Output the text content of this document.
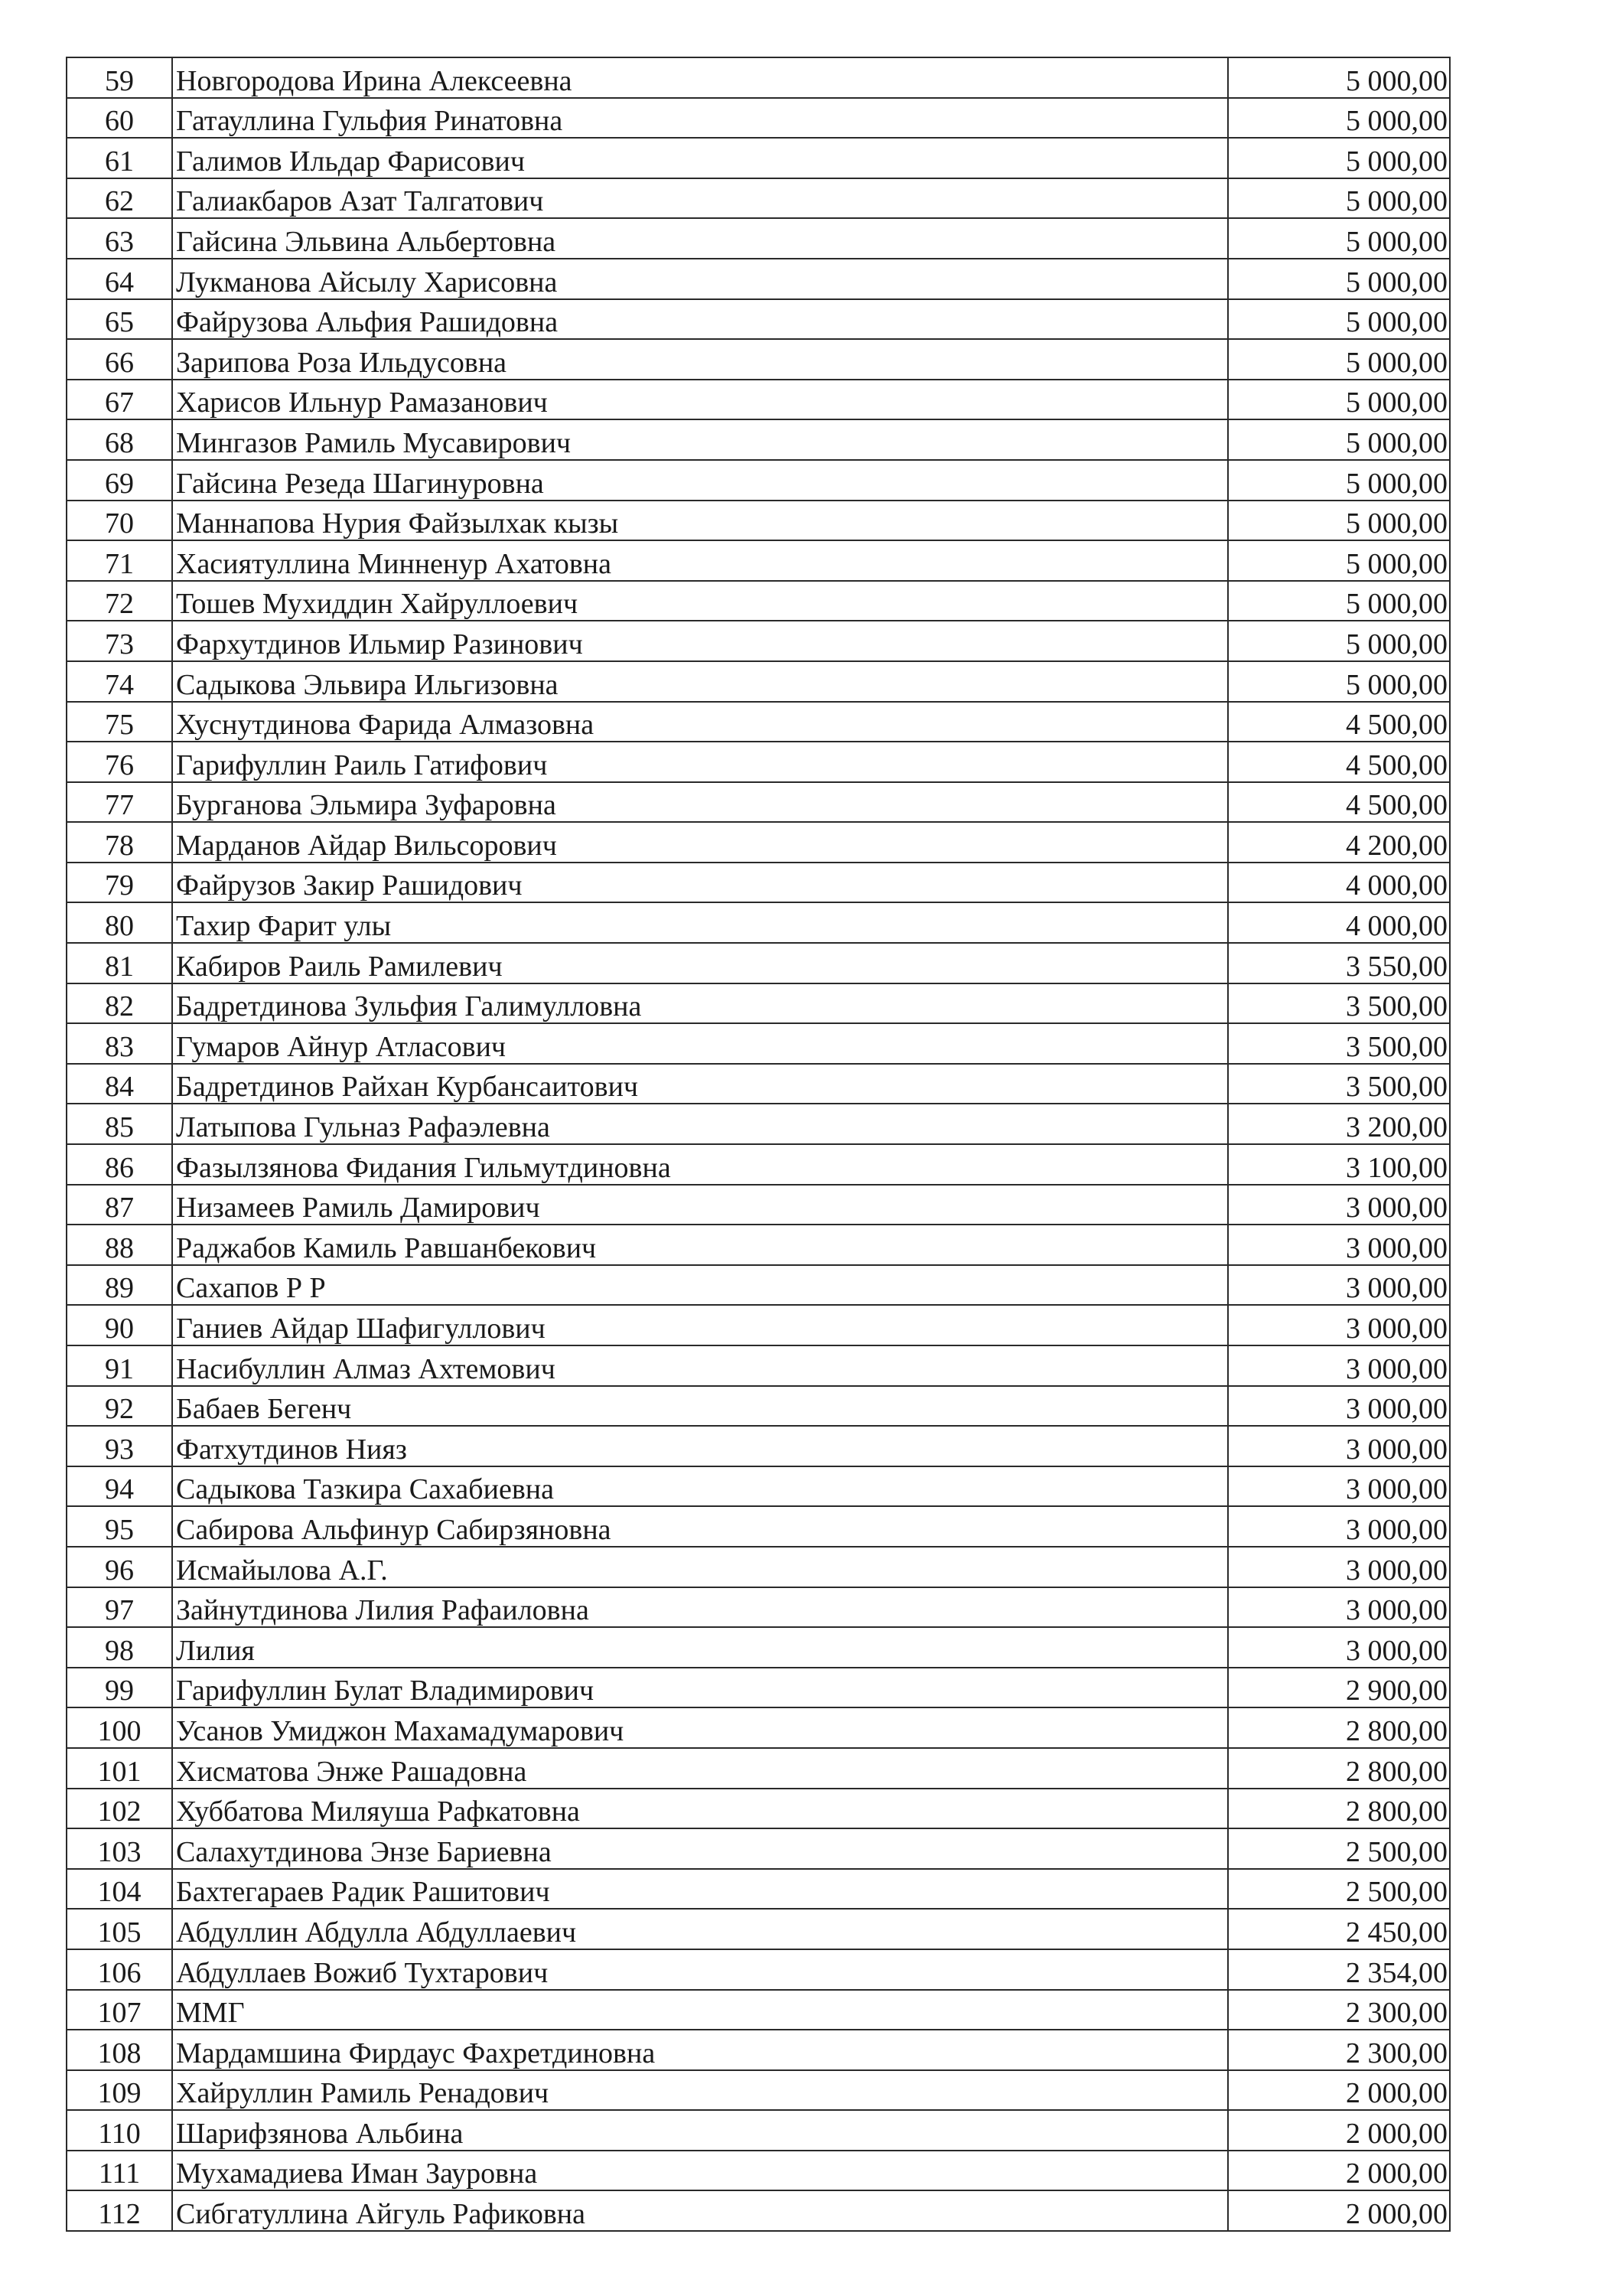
59	Новгородова Ирина Алексеевна	5 000,00
60	Гатауллина Гульфия Ринатовна	5 000,00
61	Галимов Ильдар Фарисович	5 000,00
62	Галиакбаров Азат Талгатович	5 000,00
63	Гайсина Эльвина Альбертовна	5 000,00
64	Лукманова Айсылу Харисовна	5 000,00
65	Файрузова Альфия Рашидовна	5 000,00
66	Зарипова Роза Ильдусовна	5 000,00
67	Харисов Ильнур Рамазанович	5 000,00
68	Мингазов Рамиль Мусавирович	5 000,00
69	Гайсина Резеда Шагинуровна	5 000,00
70	Маннапова Нурия Файзылхак кызы	5 000,00
71	Хасиятуллина Минненур Ахатовна	5 000,00
72	Тошев Мухиддин Хайруллоевич	5 000,00
73	Фархутдинов Ильмир Разинович	5 000,00
74	Садыкова Эльвира Ильгизовна	5 000,00
75	Хуснутдинова Фарида Алмазовна	4 500,00
76	Гарифуллин Раиль Гатифович	4 500,00
77	Бурганова Эльмира Зуфаровна	4 500,00
78	Марданов Айдар Вильсорович	4 200,00
79	Файрузов Закир Рашидович	4 000,00
80	Тахир Фарит улы	4 000,00
81	Кабиров Раиль Рамилевич	3 550,00
82	Бадретдинова Зульфия Галимулловна	3 500,00
83	Гумаров Айнур Атласович	3 500,00
84	Бадретдинов Райхан Курбансаитович	3 500,00
85	Латыпова Гульназ Рафаэлевна	3 200,00
86	Фазылзянова Фидания Гильмутдиновна	3 100,00
87	Низамеев Рамиль Дамирович	3 000,00
88	Раджабов Камиль Равшанбекович	3 000,00
89	Сахапов Р Р	3 000,00
90	Ганиев Айдар Шафигуллович	3 000,00
91	Насибуллин Алмаз Ахтемович	3 000,00
92	Бабаев Бегенч	3 000,00
93	Фатхутдинов Нияз	3 000,00
94	Садыкова Тазкира Сахабиевна	3 000,00
95	Сабирова Альфинур Сабирзяновна	3 000,00
96	Исмайылова А.Г.	3 000,00
97	Зайнутдинова Лилия Рафаиловна	3 000,00
98	Лилия	3 000,00
99	Гарифуллин Булат Владимирович	2 900,00
100	Усанов Умиджон Махамадумарович	2 800,00
101	Хисматова Энже Рашадовна	2 800,00
102	Хуббатова Миляуша Рафкатовна	2 800,00
103	Салахутдинова Энзе Бариевна	2 500,00
104	Бахтегараев Радик Рашитович	2 500,00
105	Абдуллин Абдулла Абдуллаевич	2 450,00
106	Абдуллаев Вожиб Тухтарович	2 354,00
107	ММГ	2 300,00
108	Мардамшина Фирдаус Фахретдиновна	2 300,00
109	Хайруллин Рамиль Ренадович	2 000,00
110	Шарифзянова Альбина	2 000,00
111	Мухамадиева Иман Зауровна	2 000,00
112	Сибгатуллина Айгуль Рафиковна	2 000,00
